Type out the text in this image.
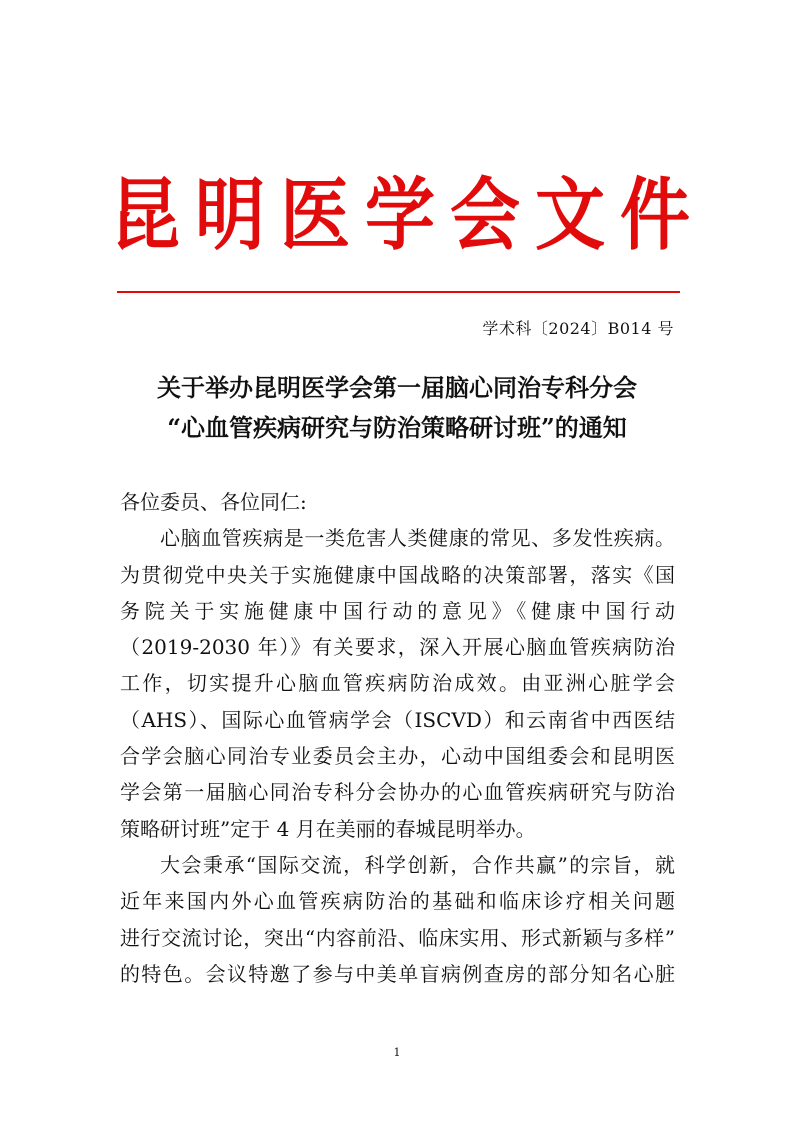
昆 明 医 学 会 文 件
学术科〔2024〕B014 号
关于举办昆明医学会第一届脑心同治专科分会
“心血管疾病研究与防治策略研讨班”的通知

各位委员、各位同仁:

心脑血管疾病是一类危害人类健康的常见、多发性疾病。

为贯彻党中央关于实施健康中国战略的决策部署，落实《国

务院关于实施健康中国行动的意见》《健康中国行动

（2019-2030 年）》有关要求，深入开展心脑血管疾病防治

工作，切实提升心脑血管疾病防治成效。由亚洲心脏学会

（AHS）、国际心血管病学会（ISCVD）和云南省中西医结

合学会脑心同治专业委员会主办，心动中国组委会和昆明医

学会第一届脑心同治专科分会协办的心血管疾病研究与防治

策略研讨班”定于 4 月在美丽的春城昆明举办。

大会秉承“国际交流，科学创新，合作共赢”的宗旨，就

近年来国内外心血管疾病防治的基础和临床诊疗相关问题

进行交流讨论，突出“内容前沿、临床实用、形式新颖与多样”

的特色。会议特邀了参与中美单盲病例查房的部分知名心脏

1
